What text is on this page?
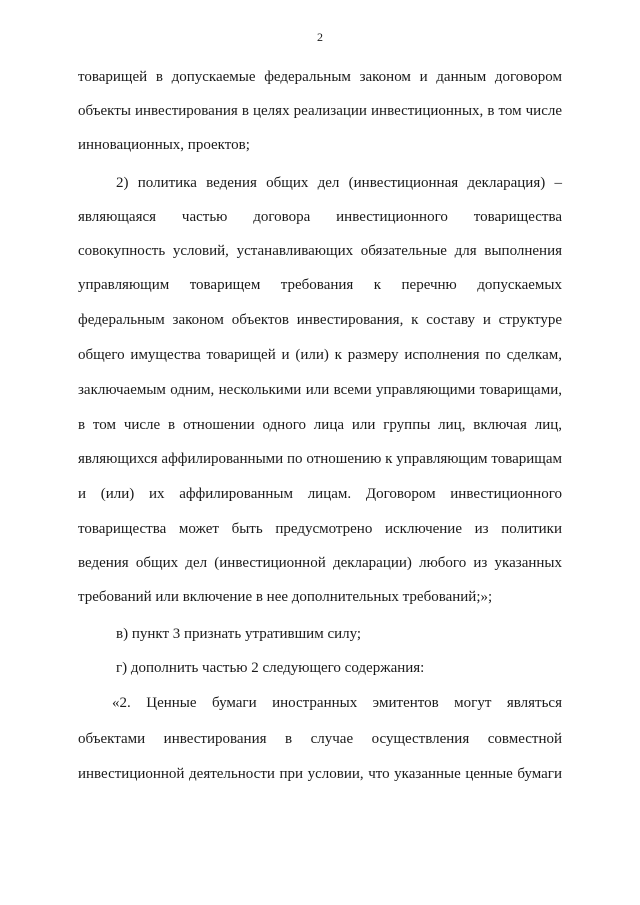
2
товарищей в допускаемые федеральным законом и данным договором
объекты инвестирования в целях реализации инвестиционных, в том числе
инновационных, проектов;
2) политика ведения общих дел (инвестиционная декларация) –
являющаяся частью договора инвестиционного товарищества
совокупность условий, устанавливающих обязательные для выполнения
управляющим товарищем требования к перечню допускаемых
федеральным законом объектов инвестирования, к составу и структуре
общего имущества товарищей и (или) к размеру исполнения по сделкам,
заключаемым одним, несколькими или всеми управляющими товарищами,
в том числе в отношении одного лица или группы лиц, включая лиц,
являющихся аффилированными по отношению к управляющим товарищам
и (или) их аффилированным лицам. Договором инвестиционного
товарищества может быть предусмотрено исключение из политики
ведения общих дел (инвестиционной декларации) любого из указанных
требований или включение в нее дополнительных требований;»;
в) пункт 3 признать утратившим силу;
г) дополнить частью 2 следующего содержания:
«2. Ценные бумаги иностранных эмитентов могут являться
объектами инвестирования в случае осуществления совместной
инвестиционной деятельности при условии, что указанные ценные бумаги
